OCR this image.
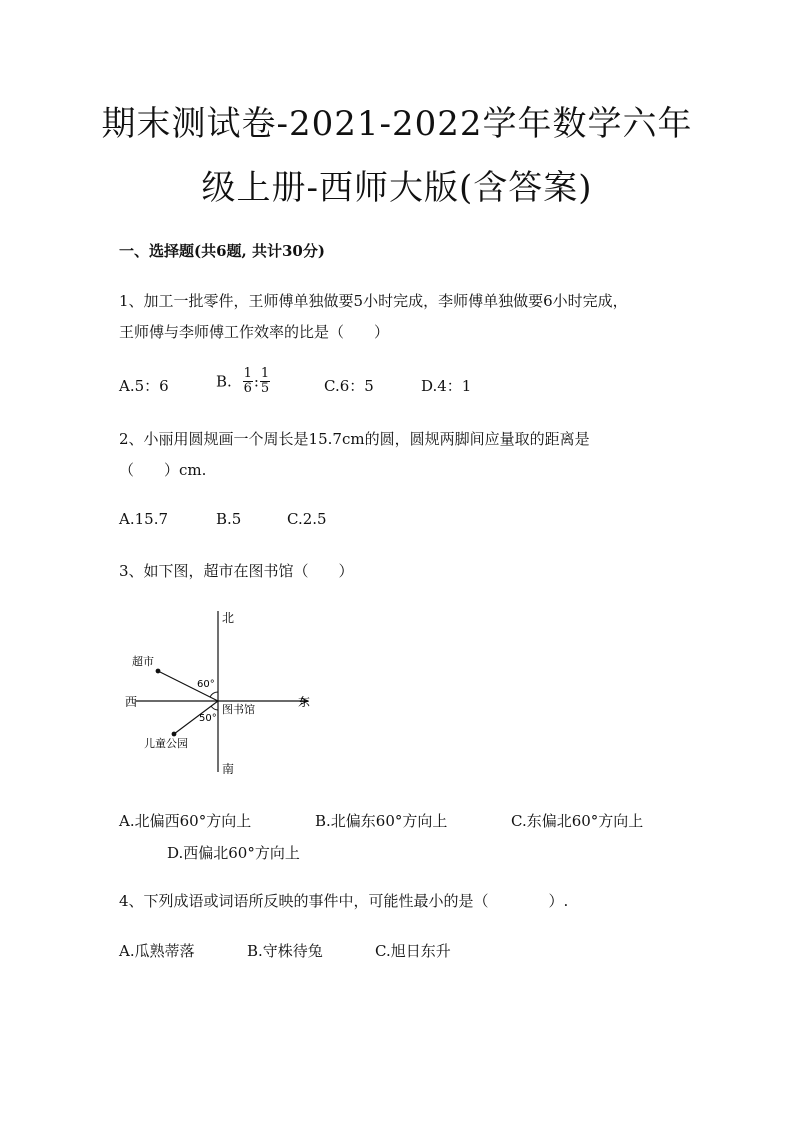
期末测试卷-2021-2022学年数学六年
级上册-西师大版(含答案)
一、选择题(共6题, 共计30分)
1、加工一批零件，王师傅单独做要5小时完成，李师傅单独做要6小时完成，
王师傅与李师傅工作效率的比是（　　）
A.5：6	B. $\frac{1}{6}$ : $\frac{1}{5}$	C.6：5	D.4：1
2、小丽用圆规画一个周长是15.7cm的圆，圆规两脚间应量取的距离是
（　　）cm.
A.15.7	B.5	C.2.5
3、如下图，超市在图书馆（　　）
北
南
东
西
图书馆
超市
儿童公园
60°
50°
A.北偏西60°方向上	B.北偏东60°方向上	C.东偏北60°方向上
D.西偏北60°方向上
4、下列成语或词语所反映的事件中，可能性最小的是（　　　　）.
A.瓜熟蒂落	B.守株待兔	C.旭日东升
